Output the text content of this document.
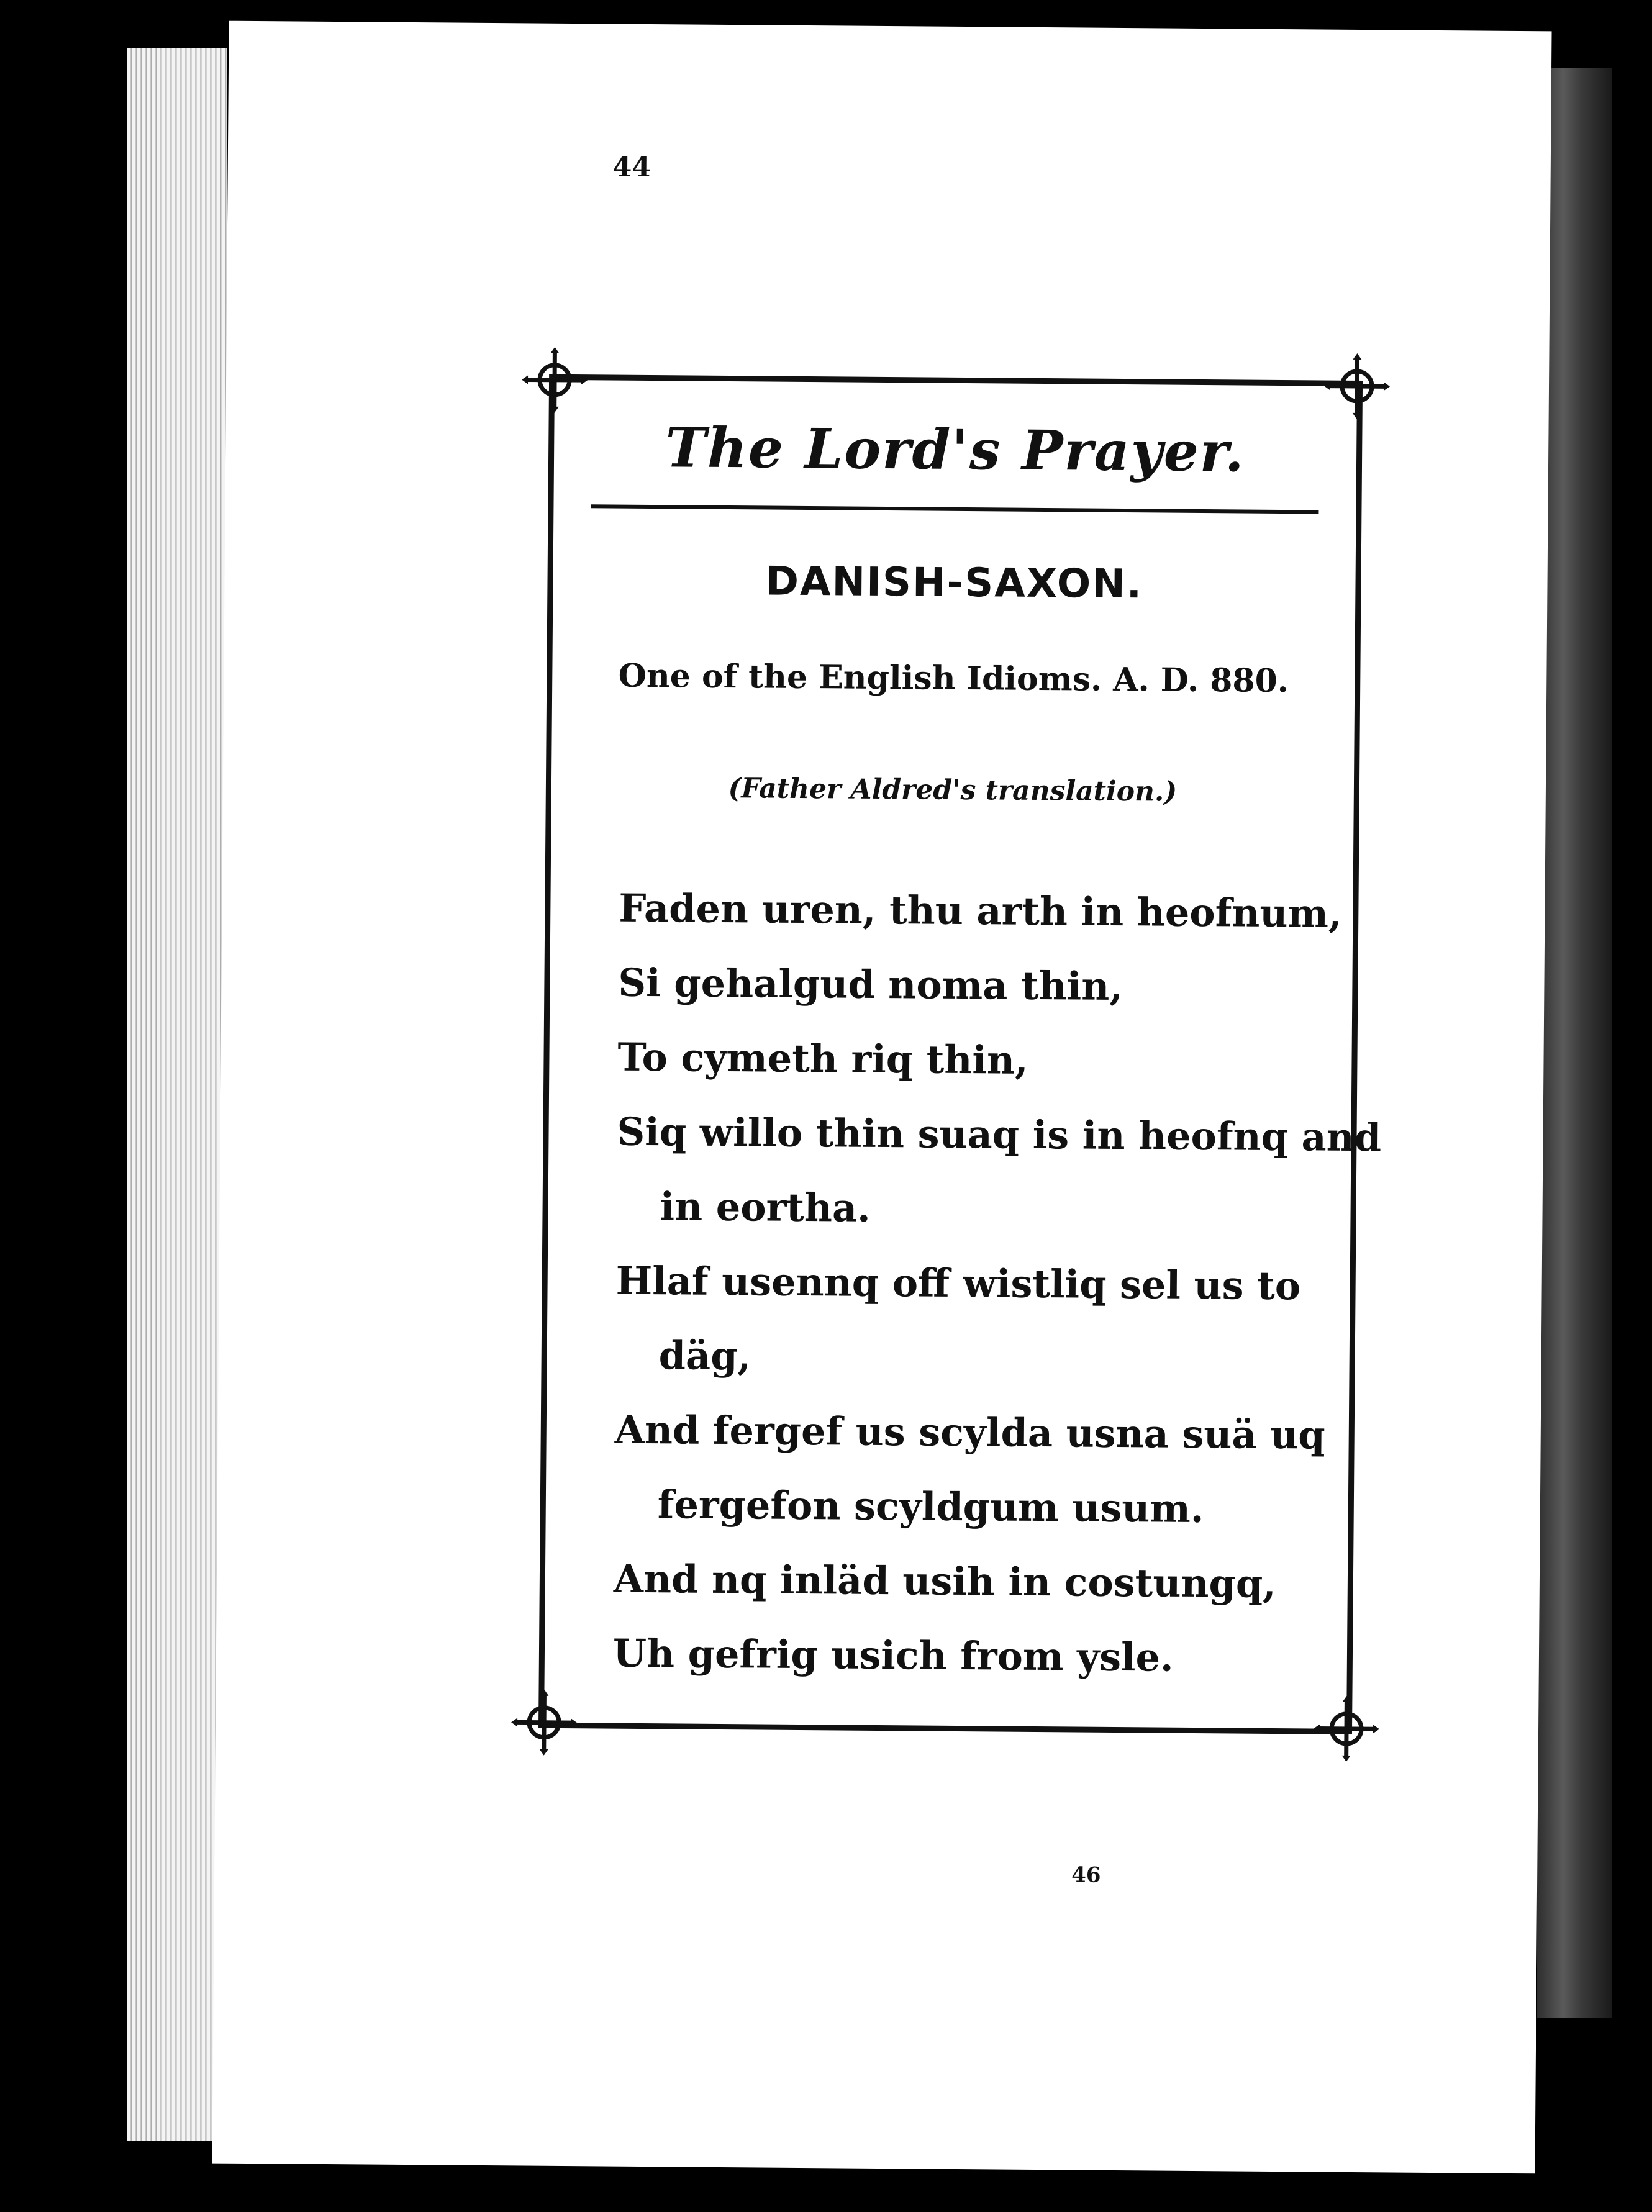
44
The Lord's Prayer.
DANISH-SAXON.
One of the English Idioms. A. D. 880.
(Father Aldred's translation.)
Faden uren, thu arth in heofnum,
Si gehalgud noma thin,
To cymeth riq thin,
Siq willo thin suaq is in heofnq and
in eortha.
Hlaf usennq off wistliq sel us to
däg,
And fergef us scylda usna suä uq
fergefon scyldgum usum.
And nq inläd usih in costungq,
Uh gefrig usich from ysle.
46
